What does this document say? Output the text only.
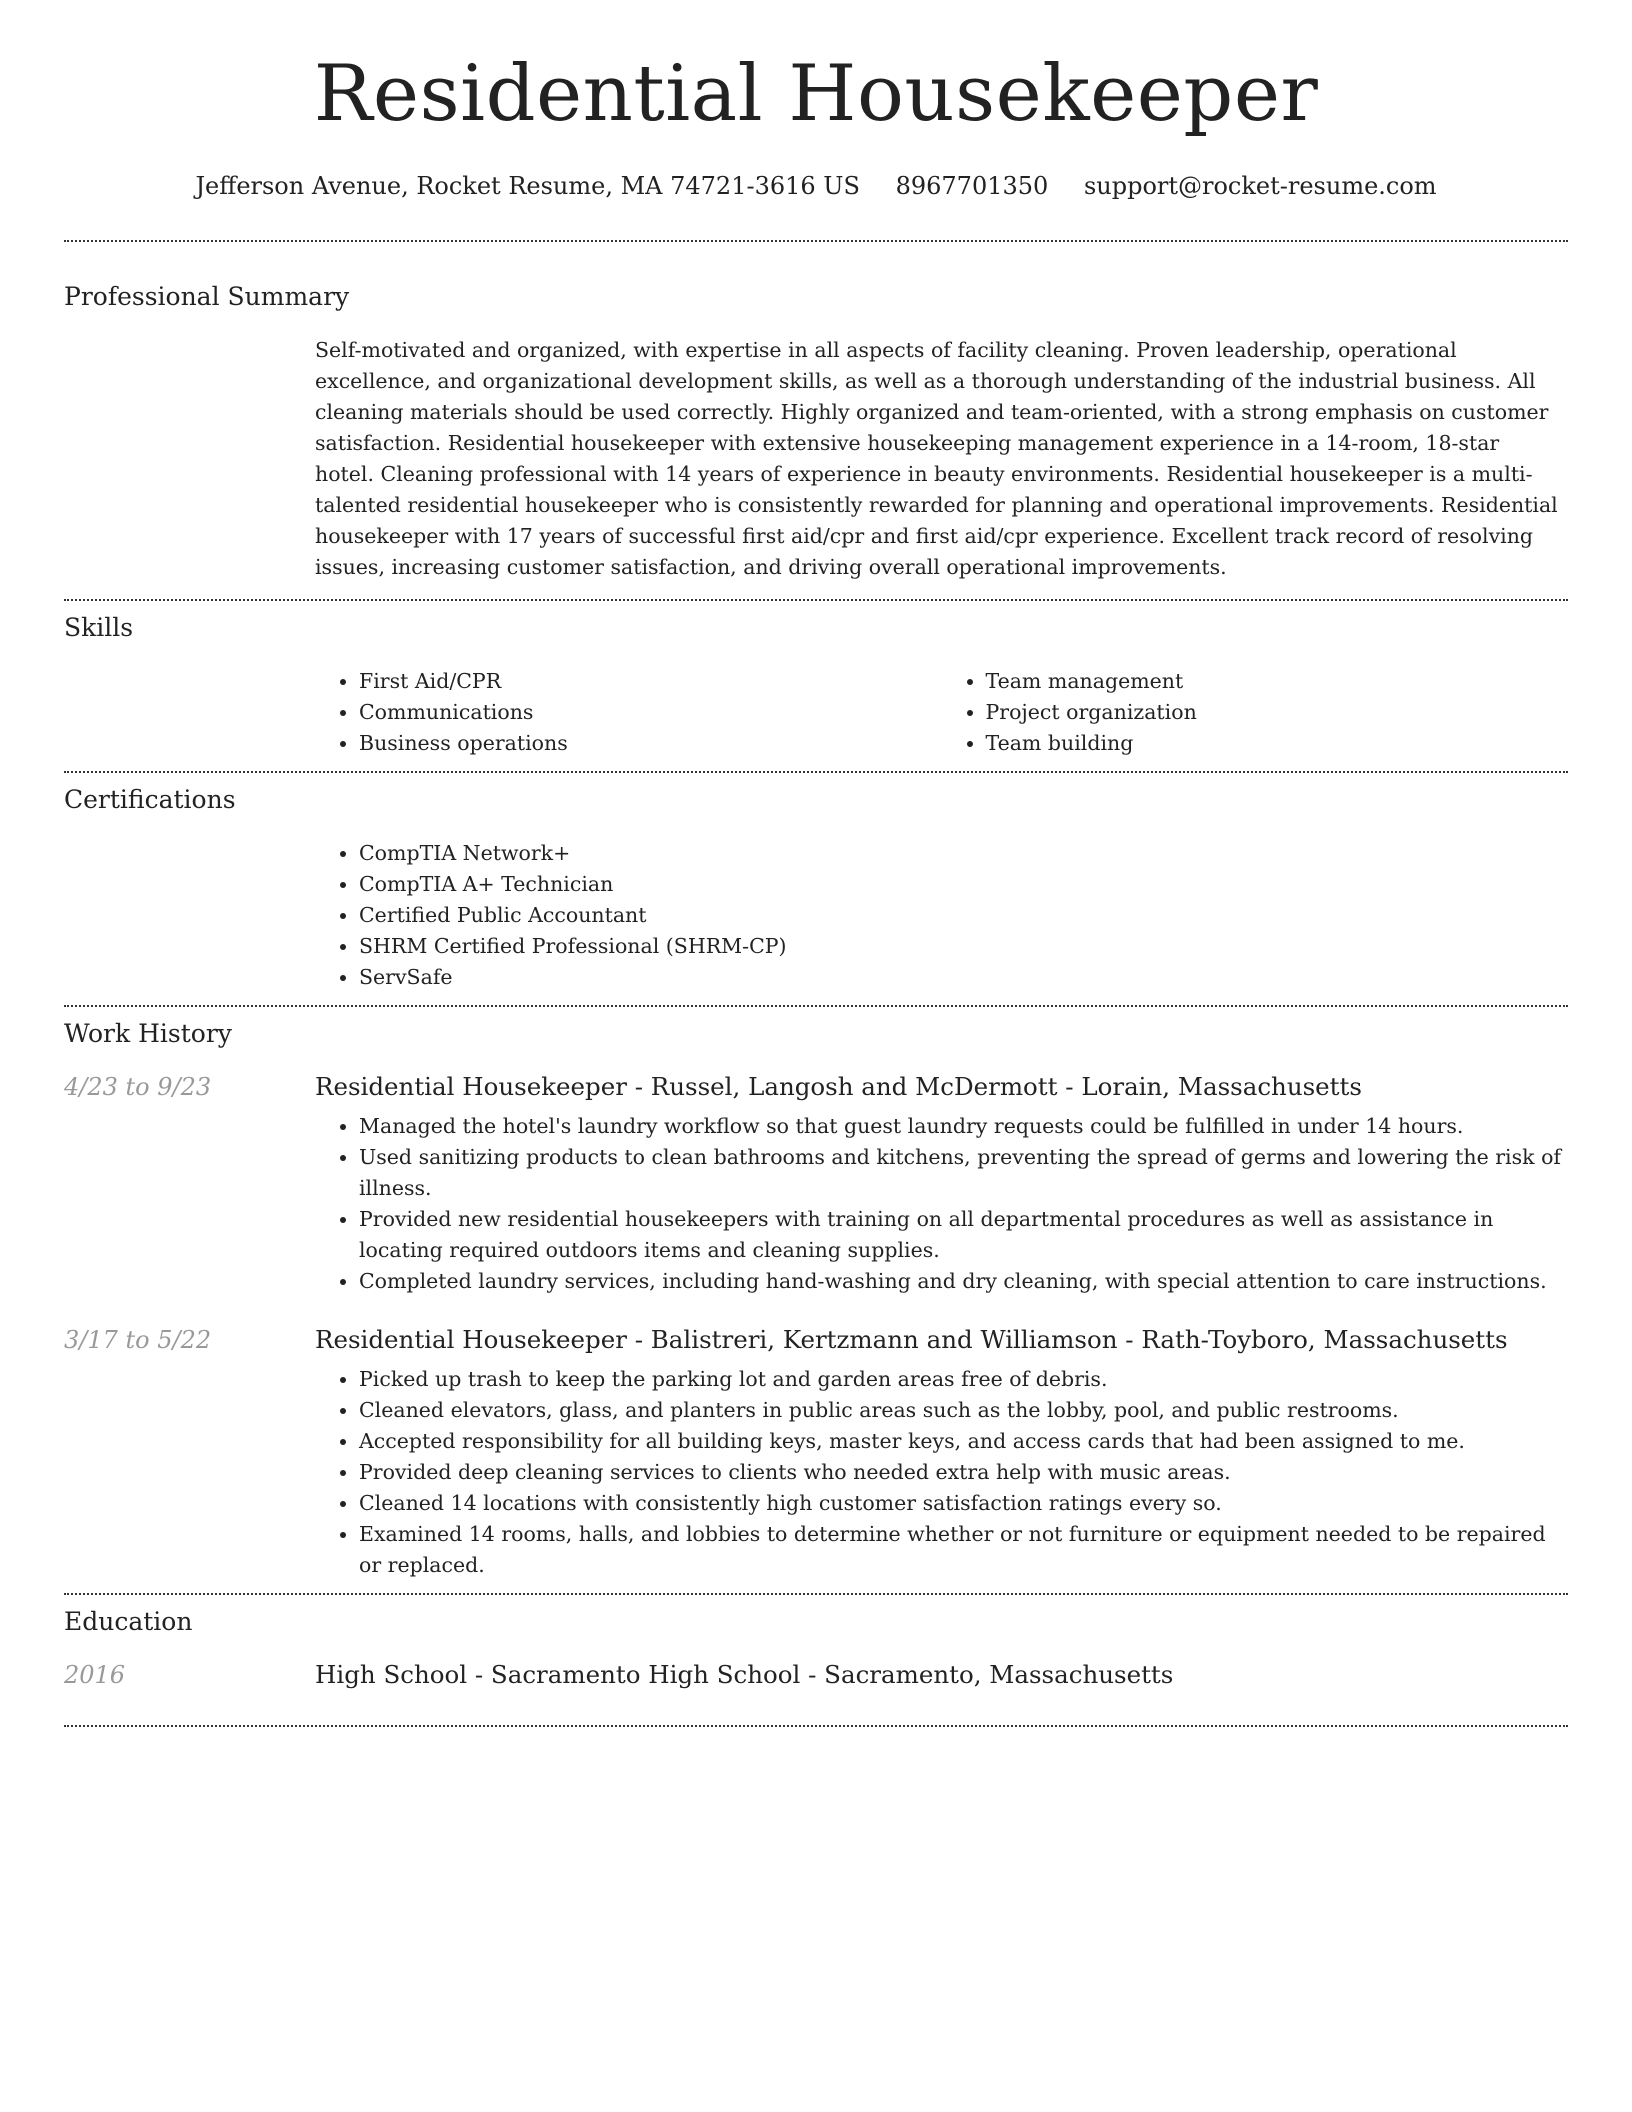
Residential Housekeeper
Jefferson Avenue, Rocket Resume, MA 74721-3616 US 8967701350 support@rocket-resume.com
Professional Summary

Self-motivated and organized, with expertise in all aspects of facility cleaning. Proven leadership, operational excellence, and organizational development skills, as well as a thorough understanding of the industrial business. All cleaning materials should be used correctly. Highly organized and team-oriented, with a strong emphasis on customer satisfaction. Residential housekeeper with extensive housekeeping management experience in a 14-room, 18-star hotel. Cleaning professional with 14 years of experience in beauty environments. Residential housekeeper is a multi-talented residential housekeeper who is consistently rewarded for planning and operational improvements. Residential housekeeper with 17 years of successful first aid/cpr and first aid/cpr experience. Excellent track record of resolving issues, increasing customer satisfaction, and driving overall operational improvements.

Skills
• First Aid/CPR
• Communications
• Business operations
• Team management
• Project organization
• Team building
Certifications
• CompTIA Network+
• CompTIA A+ Technician
• Certified Public Accountant
• SHRM Certified Professional (SHRM-CP)
• ServSafe
Work History
4/23 to 9/23	Residential Housekeeper - Russel, Langosh and McDermott - Lorain, Massachusetts
• Managed the hotel's laundry workflow so that guest laundry requests could be fulfilled in under 14 hours.
• Used sanitizing products to clean bathrooms and kitchens, preventing the spread of germs and lowering the risk of illness.
• Provided new residential housekeepers with training on all departmental procedures as well as assistance in locating required outdoors items and cleaning supplies.
• Completed laundry services, including hand-washing and dry cleaning, with special attention to care instructions.
3/17 to 5/22	Residential Housekeeper - Balistreri, Kertzmann and Williamson - Rath-Toyboro, Massachusetts
• Picked up trash to keep the parking lot and garden areas free of debris.
• Cleaned elevators, glass, and planters in public areas such as the lobby, pool, and public restrooms.
• Accepted responsibility for all building keys, master keys, and access cards that had been assigned to me.
• Provided deep cleaning services to clients who needed extra help with music areas.
• Cleaned 14 locations with consistently high customer satisfaction ratings every so.
• Examined 14 rooms, halls, and lobbies to determine whether or not furniture or equipment needed to be repaired or replaced.
Education
2016	High School - Sacramento High School - Sacramento, Massachusetts
